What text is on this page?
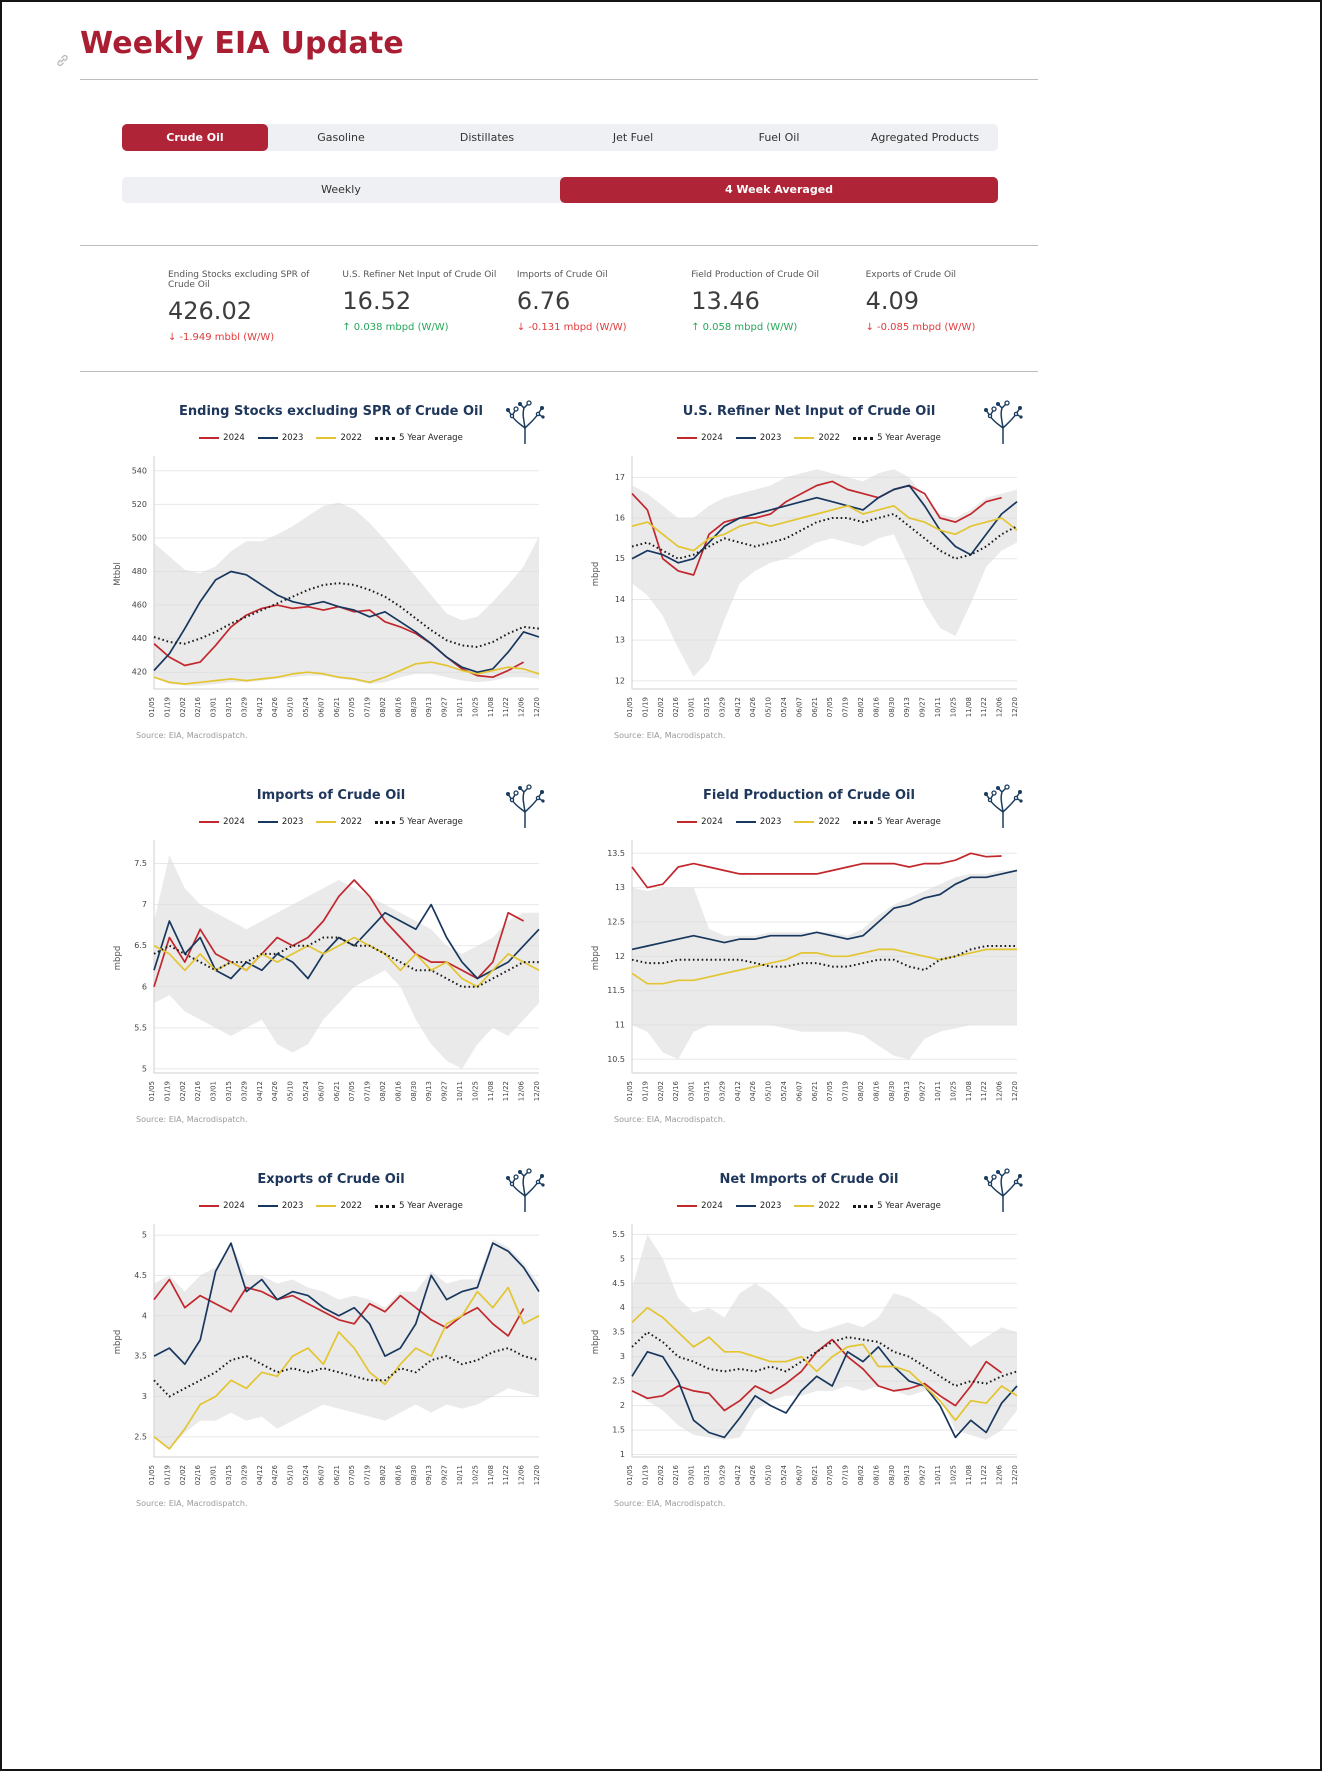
Weekly EIA Update
Crude Oil	Gasoline	Distillates	Jet Fuel	Fuel Oil	Agregated Products
Weekly	4 Week Averaged
Ending Stocks excluding SPR of Crude Oil
426.02
↓ -1.949 mbbl (W/W)
U.S. Refiner Net Input of Crude Oil
16.52
↑ 0.038 mbpd (W/W)
Imports of Crude Oil
6.76
↓ -0.131 mbpd (W/W)
Field Production of Crude Oil
13.46
↑ 0.058 mbpd (W/W)
Exports of Crude Oil
4.09
↓ -0.085 mbpd (W/W)
Ending Stocks excluding SPR of Crude Oil
2024	2023	2022	5 Year Average
420
440
460
480
500
520
540
01/05 01/19 02/02 02/16 03/01 03/15 03/29 04/12 04/26 05/10 05/24 06/07 06/21 07/05 07/19 08/02 08/16 08/30 09/13 09/27 10/11 10/25 11/08 11/22 12/06 12/20
Mtbbl
Source: EIA, Macrodispatch.
U.S. Refiner Net Input of Crude Oil
2024	2023	2022	5 Year Average
12
13
14
15
16
17
01/05 01/19 02/02 02/16 03/01 03/15 03/29 04/12 04/26 05/10 05/24 06/07 06/21 07/05 07/19 08/02 08/16 08/30 09/13 09/27 10/11 10/25 11/08 11/22 12/06 12/20
mbpd
Source: EIA, Macrodispatch.
Imports of Crude Oil
2024	2023	2022	5 Year Average
5
5.5
6
6.5
7
7.5
01/05 01/19 02/02 02/16 03/01 03/15 03/29 04/12 04/26 05/10 05/24 06/07 06/21 07/05 07/19 08/02 08/16 08/30 09/13 09/27 10/11 10/25 11/08 11/22 12/06 12/20
mbpd
Source: EIA, Macrodispatch.
Field Production of Crude Oil
2024	2023	2022	5 Year Average
10.5
11
11.5
12
12.5
13
13.5
01/05 01/19 02/02 02/16 03/01 03/15 03/29 04/12 04/26 05/10 05/24 06/07 06/21 07/05 07/19 08/02 08/16 08/30 09/13 09/27 10/11 10/25 11/08 11/22 12/06 12/20
mbpd
Source: EIA, Macrodispatch.
Exports of Crude Oil
2024	2023	2022	5 Year Average
2.5
3
3.5
4
4.5
5
01/05 01/19 02/02 02/16 03/01 03/15 03/29 04/12 04/26 05/10 05/24 06/07 06/21 07/05 07/19 08/02 08/16 08/30 09/13 09/27 10/11 10/25 11/08 11/22 12/06 12/20
mbpd
Source: EIA, Macrodispatch.
Net Imports of Crude Oil
2024	2023	2022	5 Year Average
1
1.5
2
2.5
3
3.5
4
4.5
5
5.5
01/05 01/19 02/02 02/16 03/01 03/15 03/29 04/12 04/26 05/10 05/24 06/07 06/21 07/05 07/19 08/02 08/16 08/30 09/13 09/27 10/11 10/25 11/08 11/22 12/06 12/20
mbpd
Source: EIA, Macrodispatch.
